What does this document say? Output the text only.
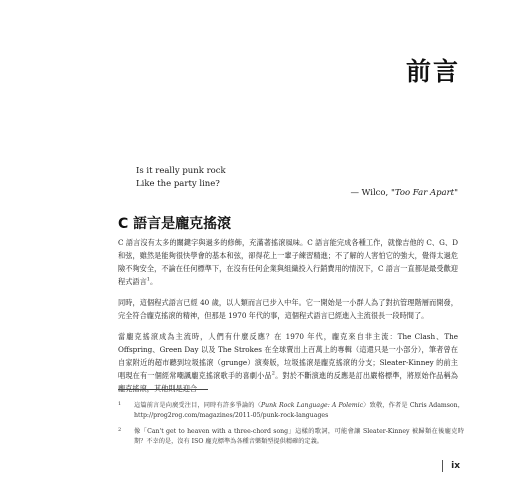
前言
Is it really punk rock
Like the party line?
— Wilco, "Too Far Apart"
C 語言是龐克搖滾

C 語言沒有太多的關鍵字與過多的修飾，充滿著搖滾風味。C 語言能完成各種工作，就像吉他的 C、G、D 和弦，雖然是能夠很快學會的基本和弦，卻得花上一輩子練習精進；不了解的人害怕它的強大，覺得太過危險不夠安全，不論在任何標準下，在沒有任何企業與組織投入行銷費用的情況下，C 語言一直都是最受歡迎程式語言$^1$。

同時，這個程式語言已經 40 歲，以人類而言已步入中年。它一開始是一小群人為了對抗管理階層而開發，完全符合龐克搖滾的精神，但那是 1970 年代的事，這個程式語言已經進入主流很長一段時間了。

當龐克搖滾成為主流時，人們有什麼反應？在 1970 年代，龐克來自非主流：The Clash、The Offspring、Green Day 以及 The Strokes 在全球賣出上百萬上的專輯（這還只是一小部分），筆者曾在自家附近的超市聽到垃圾搖滾（grunge）演奏版，垃圾搖滾是龐克搖滾的分支；Sleater-Kinney 的前主唱現在有一個經常嘲諷龐克搖滾歌手的喜劇小品$^2$。對於不斷演進的反應是訂出嚴格標準，將原始作品稱為龐克搖滾，其他則是迎合

1 這篇前言是向廣受注目，同時有許多爭論的〈Punk Rock Language: A Polemic〉致敬，作者是 Chris Adamson，http://prog2rog.com/magazines/2011-05/punk-rock-languages
2 像「Can't get to heaven with a three-chord song」這樣的歌詞，可能會讓 Sleater-Kinney 被歸類在後龐克時期？不幸的是，沒有 ISO 龐克標準為各種音樂類型提供精確的定義。
ix
